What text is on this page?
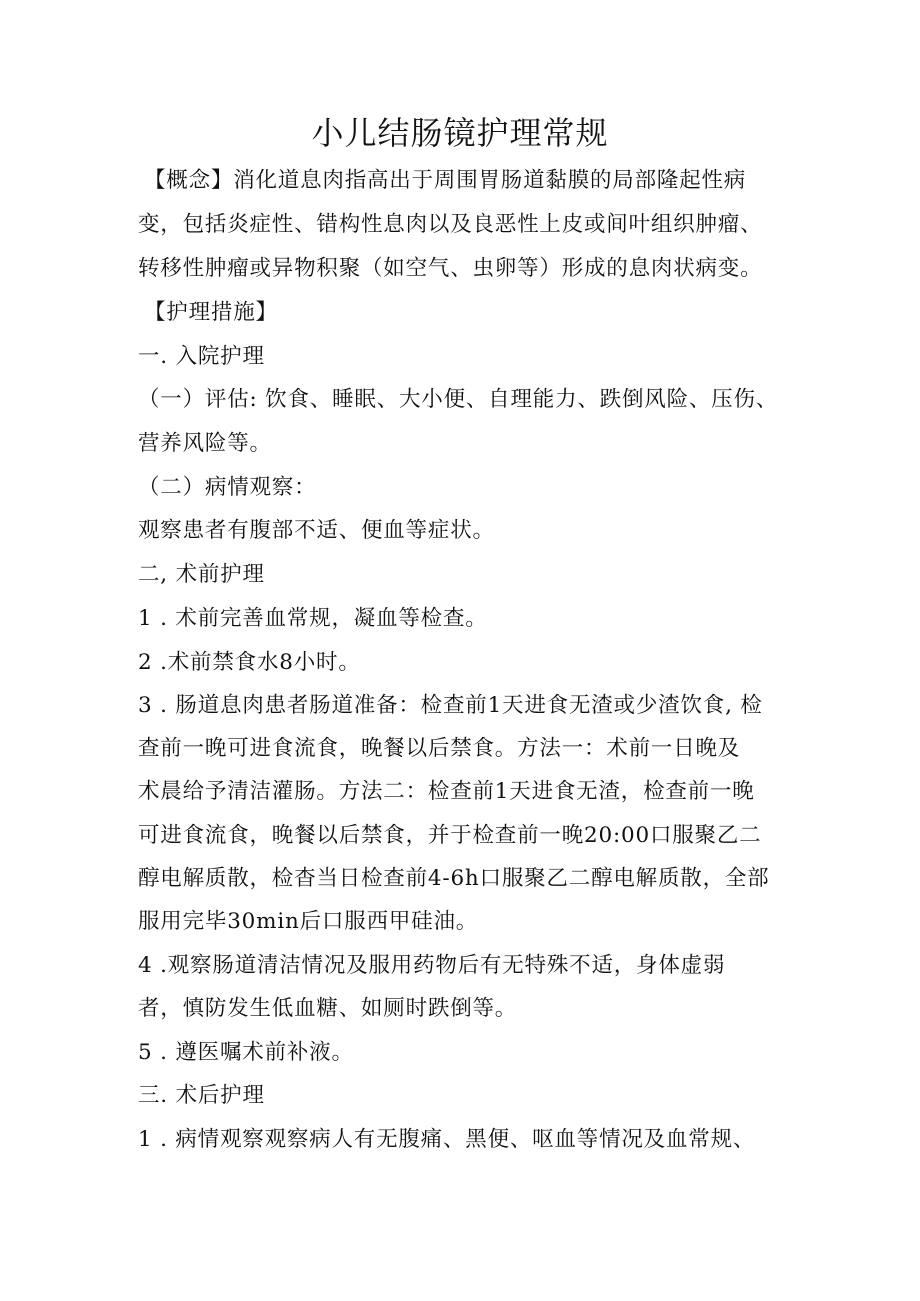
小儿结肠镜护理常规
【概念】消化道息肉指高出于周围胃肠道黏膜的局部隆起性病
变，包括炎症性、错构性息肉以及良恶性上皮或间叶组织肿瘤、
转移性肿瘤或异物积聚（如空气、虫卵等）形成的息肉状病变。
【护理措施】
一. 入院护理
（一）评估: 饮食、睡眠、大小便、自理能力、跌倒风险、压伤、
营养风险等。
（二）病情观察：
观察患者有腹部不适、便血等症状。
二, 术前护理
1 . 术前完善血常规，凝血等检查。
2 .术前禁食水8小时。
3 . 肠道息肉患者肠道准备：检查前1天进食无渣或少渣饮食, 检
查前一晚可进食流食，晚餐以后禁食。方法一：术前一日晚及
术晨给予清洁灌肠。方法二：检查前1天进食无渣，检查前一晚
可进食流食，晚餐以后禁食，并于检查前一晚20:00口服聚乙二
醇电解质散，检杳当日检查前4-6h口服聚乙二醇电解质散，全部
服用完毕30min后口服西甲硅油。
4 .观察肠道清洁情况及服用药物后有无特殊不适，身体虚弱
者，慎防发生低血糖、如厕时跌倒等。
5 . 遵医嘱术前补液。
三. 术后护理
1 . 病情观察观察病人有无腹痛、黑便、呕血等情况及血常规、
